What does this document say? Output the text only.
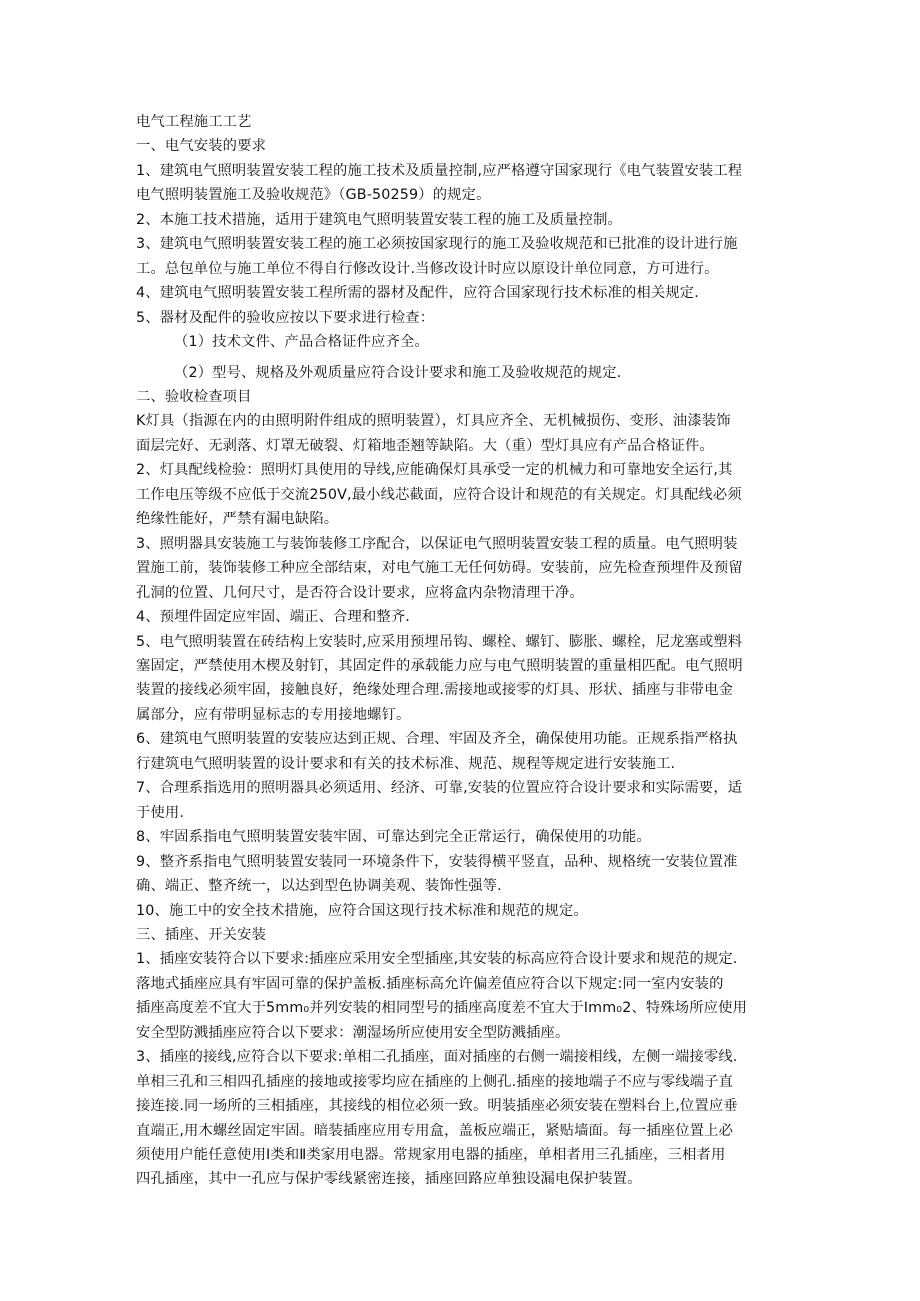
电气工程施工工艺

一、电气安装的要求

1、建筑电气照明装置安装工程的施工技术及质量控制,应严格遵守国家现行《电气装置安装工程

电气照明装置施工及验收规范》（GB-50259）的规定。

2、本施工技术措施，适用于建筑电气照明装置安装工程的施工及质量控制。

3、建筑电气照明装置安装工程的施工必须按国家现行的施工及验收规范和已批准的设计进行施

工。总包单位与施工单位不得自行修改设计.当修改设计时应以原设计单位同意，方可进行。

4、建筑电气照明装置安装工程所需的器材及配件，应符合国家现行技术标准的相关规定.

5、器材及配件的验收应按以下要求进行检查：

（1）技术文件、产品合格证件应齐全。

（2）型号、规格及外观质量应符合设计要求和施工及验收规范的规定.

二、验收检查项目

K灯具（指源在内的由照明附件组成的照明装置），灯具应齐全、无机械损伤、变形、油漆装饰

面层完好、无剥落、灯罩无破裂、灯箱地歪翘等缺陷。大（重）型灯具应有产品合格证件。

2、灯具配线检验：照明灯具使用的导线,应能确保灯具承受一定的机械力和可靠地安全运行,其

工作电压等级不应低于交流250V,最小线芯截面，应符合设计和规范的有关规定。灯具配线必须

绝缘性能好，严禁有漏电缺陷。

3、照明器具安装施工与装饰装修工序配合，以保证电气照明装置安装工程的质量。电气照明装

置施工前，装饰装修工种应全部结束，对电气施工无任何妨碍。安装前，应先检查预埋件及预留

孔洞的位置、几何尺寸，是否符合设计要求，应将盒内杂物清理干净。

4、预埋件固定应牢固、端正、合理和整齐.

5、电气照明装置在砖结构上安装时,应采用预埋吊钩、螺栓、螺钉、膨胀、螺栓，尼龙塞或塑料

塞固定，严禁使用木楔及射钉，其固定件的承载能力应与电气照明装置的重量相匹配。电气照明

装置的接线必须牢固，接触良好，绝缘处理合理.需接地或接零的灯具、形状、插座与非带电金

属部分，应有带明显标志的专用接地螺钉。

6、建筑电气照明装置的安装应达到正规、合理、牢固及齐全，确保使用功能。正规系指严格执

行建筑电气照明装置的设计要求和有关的技术标准、规范、规程等规定进行安装施工.

7、合理系指选用的照明器具必须适用、经济、可靠,安装的位置应符合设计要求和实际需要，适

于使用.

8、牢固系指电气照明装置安装牢固、可靠达到完全正常运行，确保使用的功能。

9、整齐系指电气照明装置安装同一环境条件下，安装得横平竖直，品种、规格统一安装位置准

确、端正、整齐统一，以达到型色协调美观、装饰性强等.

10、施工中的安全技术措施，应符合国这现行技术标准和规范的规定。

三、插座、开关安装

1、插座安装符合以下要求:插座应采用安全型插座,其安装的标高应符合设计要求和规范的规定.

落地式插座应具有牢固可靠的保护盖板.插座标高允许偏差值应符合以下规定:同一室内安装的

插座高度差不宜大于5mm₀并列安装的相同型号的插座高度差不宜大于Imm₀2、特殊场所应使用

安全型防溅插座应符合以下要求：潮湿场所应使用安全型防溅插座。

3、插座的接线,应符合以下要求:单相二孔插座，面对插座的右侧一端接相线，左侧一端接零线.

单相三孔和三相四孔插座的接地或接零均应在插座的上侧孔.插座的接地端子不应与零线端子直

接连接.同一场所的三相插座，其接线的相位必须一致。明装插座必须安装在塑料台上,位置应垂

直端正,用木螺丝固定牢固。暗装插座应用专用盒，盖板应端正，紧贴墙面。每一插座位置上必

须使用户能任意使用Ⅰ类和Ⅱ类家用电器。常规家用电器的插座，单相者用三孔插座，三相者用

四孔插座，其中一孔应与保护零线紧密连接，插座回路应单独设漏电保护装置。
